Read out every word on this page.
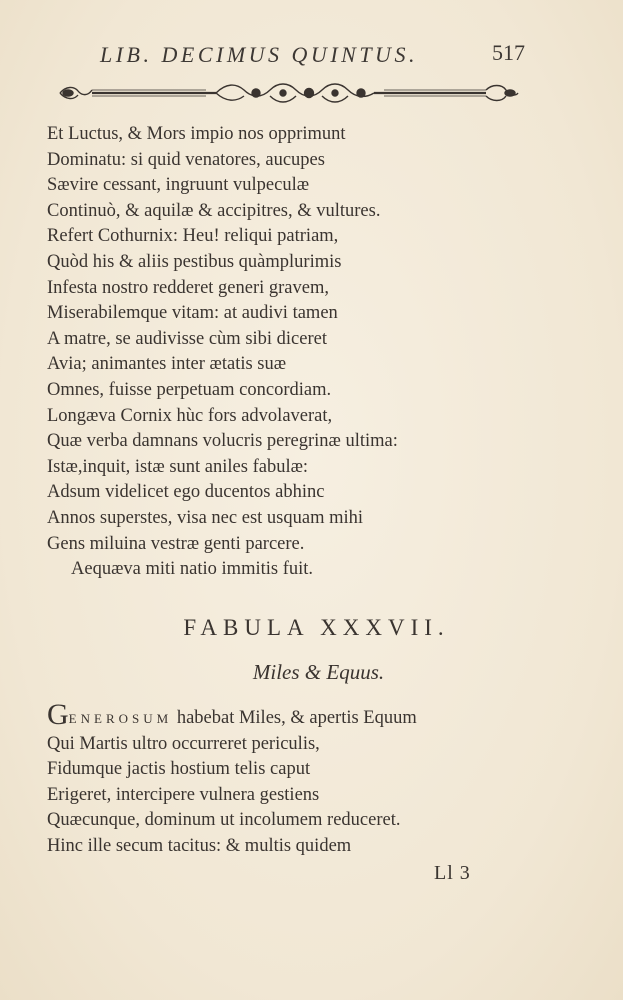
LIB. DECIMUS QUINTUS.	517
Et Luctus, & Mors impio nos opprimunt
Dominatu: si quid venatores, aucupes
Sævire cessant, ingruunt vulpeculæ
Continuò, & aquilæ & accipitres, & vultures.
Refert Cothurnix: Heu! reliqui patriam,
Quòd his & aliis pestibus quàmplurimis
Infesta nostro redderet generi gravem,
Miserabilemque vitam: at audivi tamen
A matre, se audivisse cùm sibi diceret
Avia; animantes inter ætatis suæ
Omnes, fuisse perpetuam concordiam.
Longæva Cornix hùc fors advolaverat,
Quæ verba damnans volucris peregrinæ ultima:
Istæ,inquit, istæ sunt aniles fabulæ:
Adsum videlicet ego ducentos abhinc
Annos superstes, visa nec est usquam mihi
Gens miluina vestræ genti parcere.
Aequæva miti natio immitis fuit.
FABULA XXXVII.
Miles & Equus.
GENEROSUM habebat Miles, & apertis Equum
Qui Martis ultro occurreret periculis,
Fidumque jactis hostium telis caput
Erigeret, intercipere vulnera gestiens
Quæcunque, dominum ut incolumem reduceret.
Hinc ille secum tacitus: & multis quidem
Ll 3
